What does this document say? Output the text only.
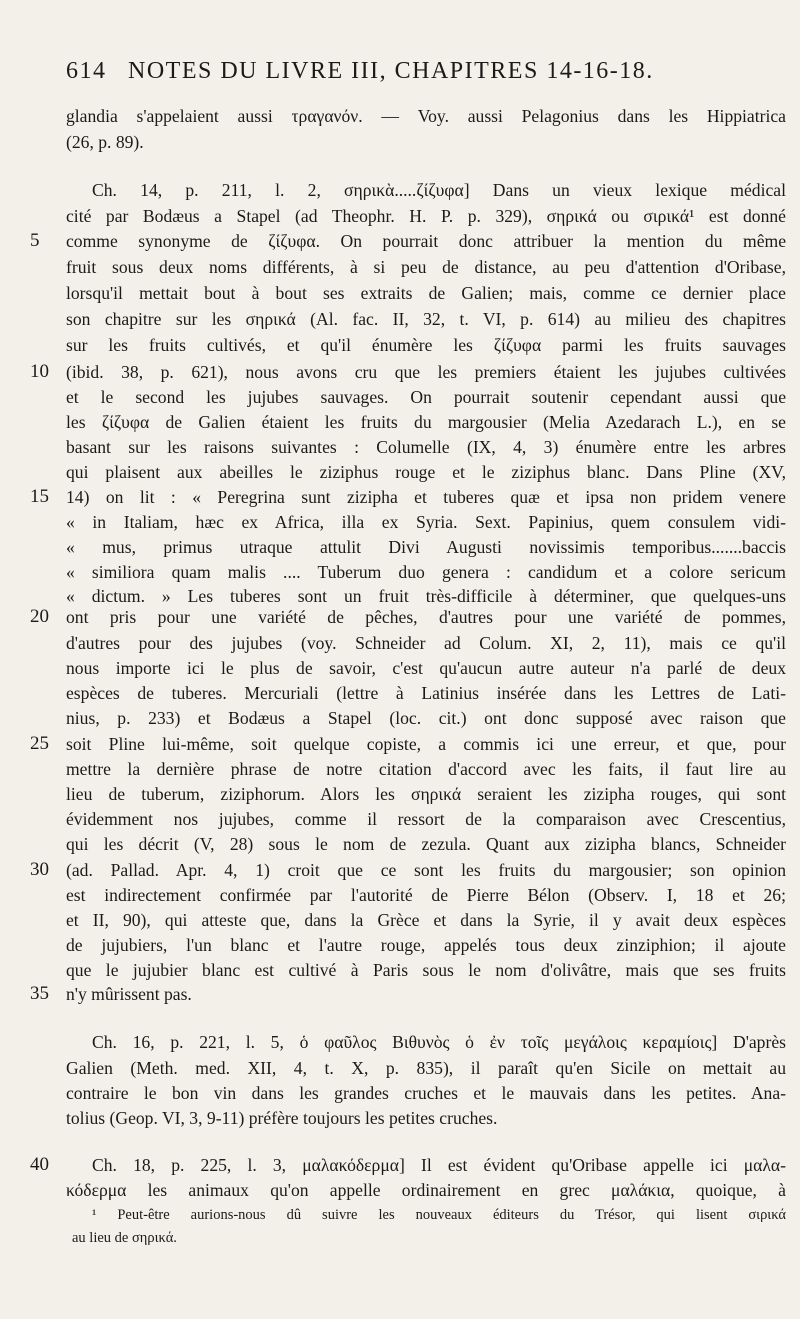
614 NOTES DU LIVRE III, CHAPITRES 14-16-18.
5
10
15
20
25
30
35
40
glandia s'appelaient aussi τραγανόν. — Voy. aussi Pelagonius dans les Hippiatrica
(26, p. 89).
Ch. 14, p. 211, l. 2, σηρικὰ.....ζίζυφα] Dans un vieux lexique médical
cité par Bodæus a Stapel (ad Theophr. H. P. p. 329), σηρικά ou σιρικά¹ est donné
comme synonyme de ζίζυφα. On pourrait donc attribuer la mention du même
fruit sous deux noms différents, à si peu de distance, au peu d'attention d'Oribase,
lorsqu'il mettait bout à bout ses extraits de Galien; mais, comme ce dernier place
son chapitre sur les σηρικά (Al. fac. II, 32, t. VI, p. 614) au milieu des chapitres
sur les fruits cultivés, et qu'il énumère les ζίζυφα parmi les fruits sauvages
(ibid. 38, p. 621), nous avons cru que les premiers étaient les jujubes cultivées
et le second les jujubes sauvages. On pourrait soutenir cependant aussi que
les ζίζυφα de Galien étaient les fruits du margousier (Melia Azedarach L.), en se
basant sur les raisons suivantes : Columelle (IX, 4, 3) énumère entre les arbres
qui plaisent aux abeilles le ziziphus rouge et le ziziphus blanc. Dans Pline (XV,
14) on lit : « Peregrina sunt zizipha et tuberes quæ et ipsa non pridem venere
« in Italiam, hæc ex Africa, illa ex Syria. Sext. Papinius, quem consulem vidi-
« mus, primus utraque attulit Divi Augusti novissimis temporibus.......baccis
« similiora quam malis .... Tuberum duo genera : candidum et a colore sericum
« dictum. » Les tuberes sont un fruit très-difficile à déterminer, que quelques-uns
ont pris pour une variété de pêches, d'autres pour une variété de pommes,
d'autres pour des jujubes (voy. Schneider ad Colum. XI, 2, 11), mais ce qu'il
nous importe ici le plus de savoir, c'est qu'aucun autre auteur n'a parlé de deux
espèces de tuberes. Mercuriali (lettre à Latinius insérée dans les Lettres de Lati-
nius, p. 233) et Bodæus a Stapel (loc. cit.) ont donc supposé avec raison que
soit Pline lui-même, soit quelque copiste, a commis ici une erreur, et que, pour
mettre la dernière phrase de notre citation d'accord avec les faits, il faut lire au
lieu de tuberum, ziziphorum. Alors les σηρικά seraient les zizipha rouges, qui sont
évidemment nos jujubes, comme il ressort de la comparaison avec Crescentius,
qui les décrit (V, 28) sous le nom de zezula. Quant aux zizipha blancs, Schneider
(ad. Pallad. Apr. 4, 1) croit que ce sont les fruits du margousier; son opinion
est indirectement confirmée par l'autorité de Pierre Bélon (Observ. I, 18 et 26;
et II, 90), qui atteste que, dans la Grèce et dans la Syrie, il y avait deux espèces
de jujubiers, l'un blanc et l'autre rouge, appelés tous deux zinziphion; il ajoute
que le jujubier blanc est cultivé à Paris sous le nom d'olivâtre, mais que ses fruits
n'y mûrissent pas.
Ch. 16, p. 221, l. 5, ὁ φαῦλος Βιθυνὸς ὁ ἐν τοῖς μεγάλοις κεραμίοις] D'après
Galien (Meth. med. XII, 4, t. X, p. 835), il paraît qu'en Sicile on mettait au
contraire le bon vin dans les grandes cruches et le mauvais dans les petites. Ana-
tolius (Geop. VI, 3, 9-11) préfère toujours les petites cruches.
Ch. 18, p. 225, l. 3, μαλακόδερμα] Il est évident qu'Oribase appelle ici μαλα-
κόδερμα les animaux qu'on appelle ordinairement en grec μαλάκια, quoique, à
¹ Peut-être aurions-nous dû suivre les nouveaux éditeurs du Trésor, qui lisent σιρικά
au lieu de σηρικά.
